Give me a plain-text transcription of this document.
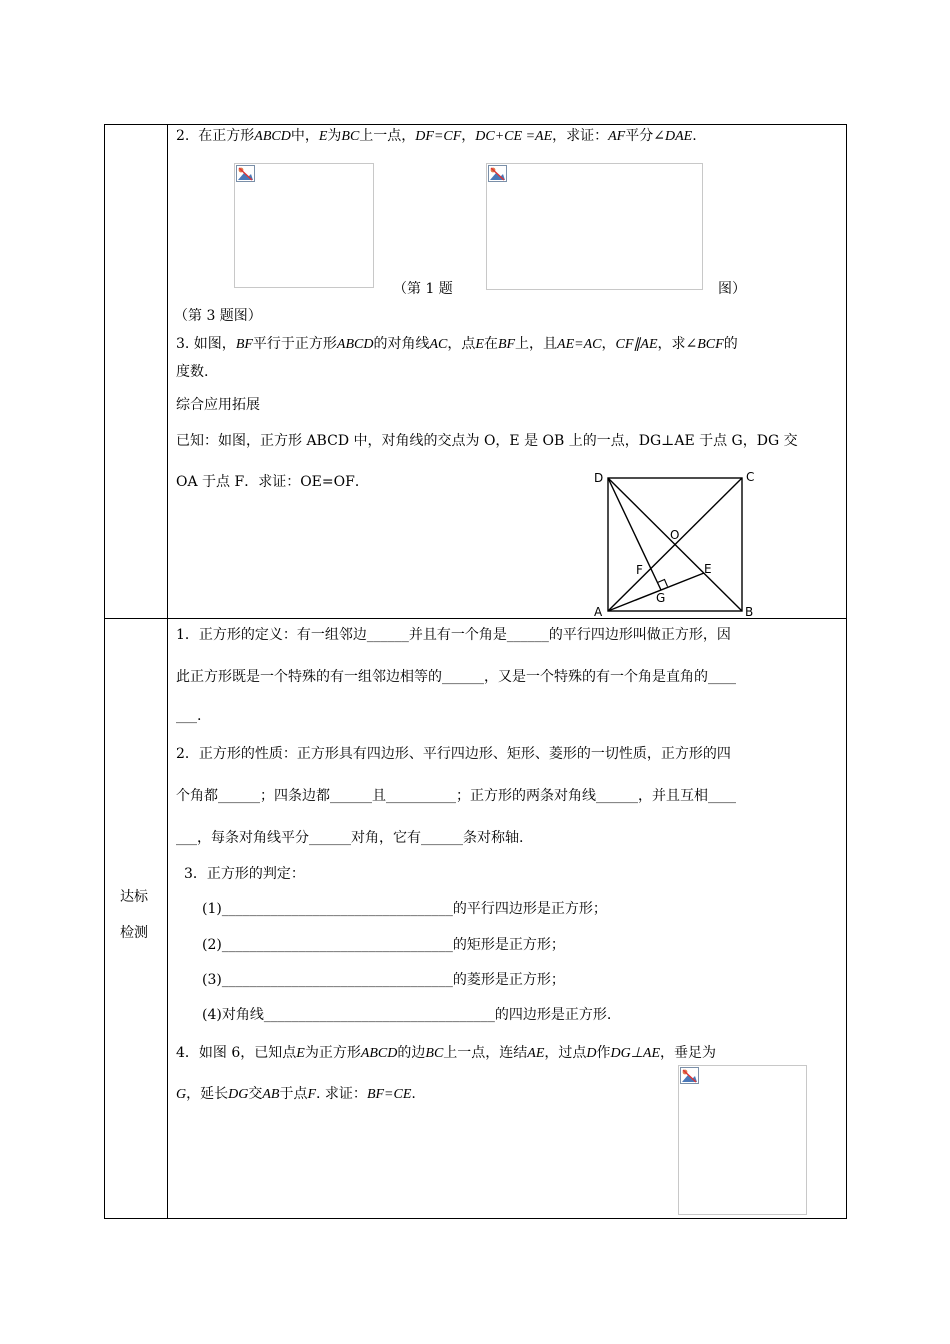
2. 在正方形ABCD中，E为BC上一点，DF=CF，DC+CE =AE，求证：AF平分∠DAE.
（第 1 题	图）
（第 3 题图）
3. 如图，BF平行于正方形ABCD的对角线AC，点E在BF上，且AE=AC，CF∥AE，求∠BCF的
度数.
综合应用拓展
已知：如图，正方形 ABCD 中，对角线的交点为 O，E 是 OB 上的一点，DG⊥AE 于点 G，DG 交
OA 于点 F．求证：OE=OF．	D	C
A	B
O
E
F
G
达标
检测
1．正方形的定义：有一组邻边______并且有一个角是______的平行四边形叫做正方形，因
此正方形既是一个特殊的有一组邻边相等的______，又是一个特殊的有一个角是直角的____
___.
2．正方形的性质：正方形具有四边形、平行四边形、矩形、菱形的一切性质，正方形的四
个角都______；四条边都______且__________；正方形的两条对角线______，并且互相____
___，每条对角线平分______对角，它有______条对称轴.
3．正方形的判定：
(1)_________________________________的平行四边形是正方形；
(2)_________________________________的矩形是正方形；
(3)_________________________________的菱形是正方形；
(4)对角线_________________________________的四边形是正方形.
4．如图 6，已知点E为正方形ABCD的边BC上一点，连结AE，过点D作DG⊥AE，垂足为
G，延长DG交AB于点F. 求证：BF=CE.
